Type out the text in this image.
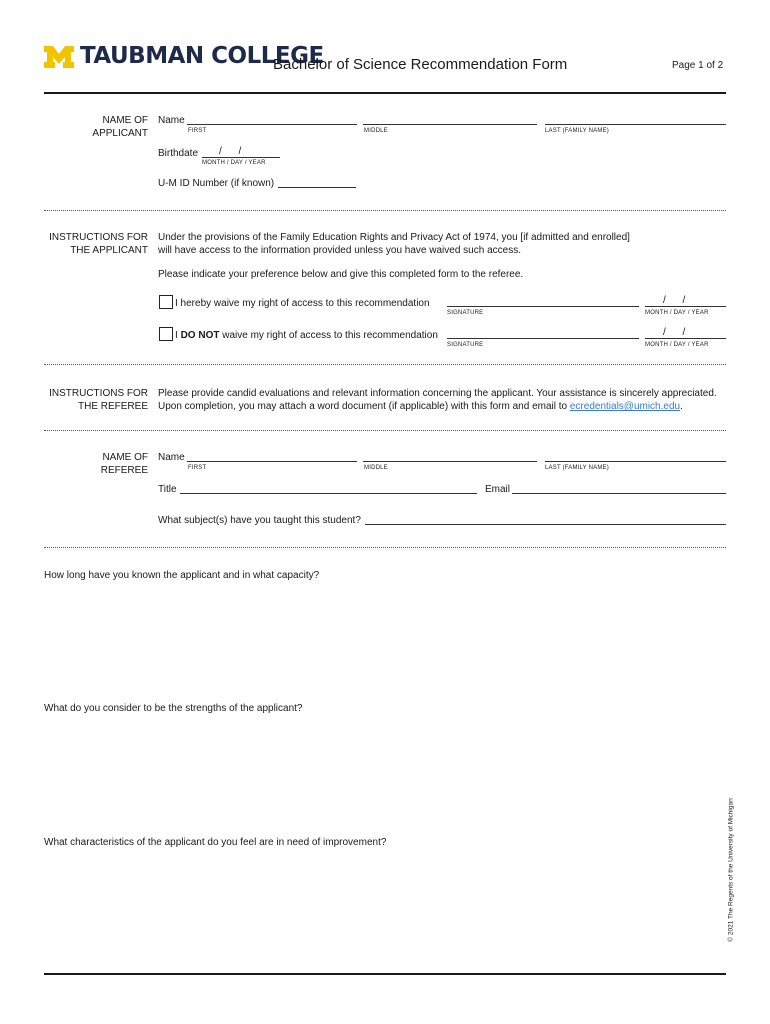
TAUBMAN COLLEGE
Bachelor of Science Recommendation Form	Page 1 of 2
NAME OF
APPLICANT
Name
FIRST	MIDDLE	LAST (FAMILY NAME)
Birthdate /      /
MONTH / DAY / YEAR
U-M ID Number (if known)
INSTRUCTIONS FOR
THE APPLICANT
Under the provisions of the Family Education Rights and Privacy Act of 1974, you [if admitted and enrolled]
will have access to the information provided unless you have waived such access.
Please indicate your preference below and give this completed form to the referee.
I hereby waive my right of access to this recommendation	/      /
SIGNATURE	MONTH / DAY / YEAR
I DO NOT waive my right of access to this recommendation	/      /
SIGNATURE	MONTH / DAY / YEAR
INSTRUCTIONS FOR
THE REFEREE
Please provide candid evaluations and relevant information concerning the applicant. Your assistance is sincerely appreciated.
Upon completion, you may attach a word document (if applicable) with this form and email to ecredentials@umich.edu.
NAME OF
REFEREE
Name
FIRST	MIDDLE	LAST (FAMILY NAME)
Title	Email
What subject(s) have you taught this student?
How long have you known the applicant and in what capacity?
What do you consider to be the strengths of the applicant?
What characteristics of the applicant do you feel are in need of improvement?	© 2021 The Regents of the University of Michigan
